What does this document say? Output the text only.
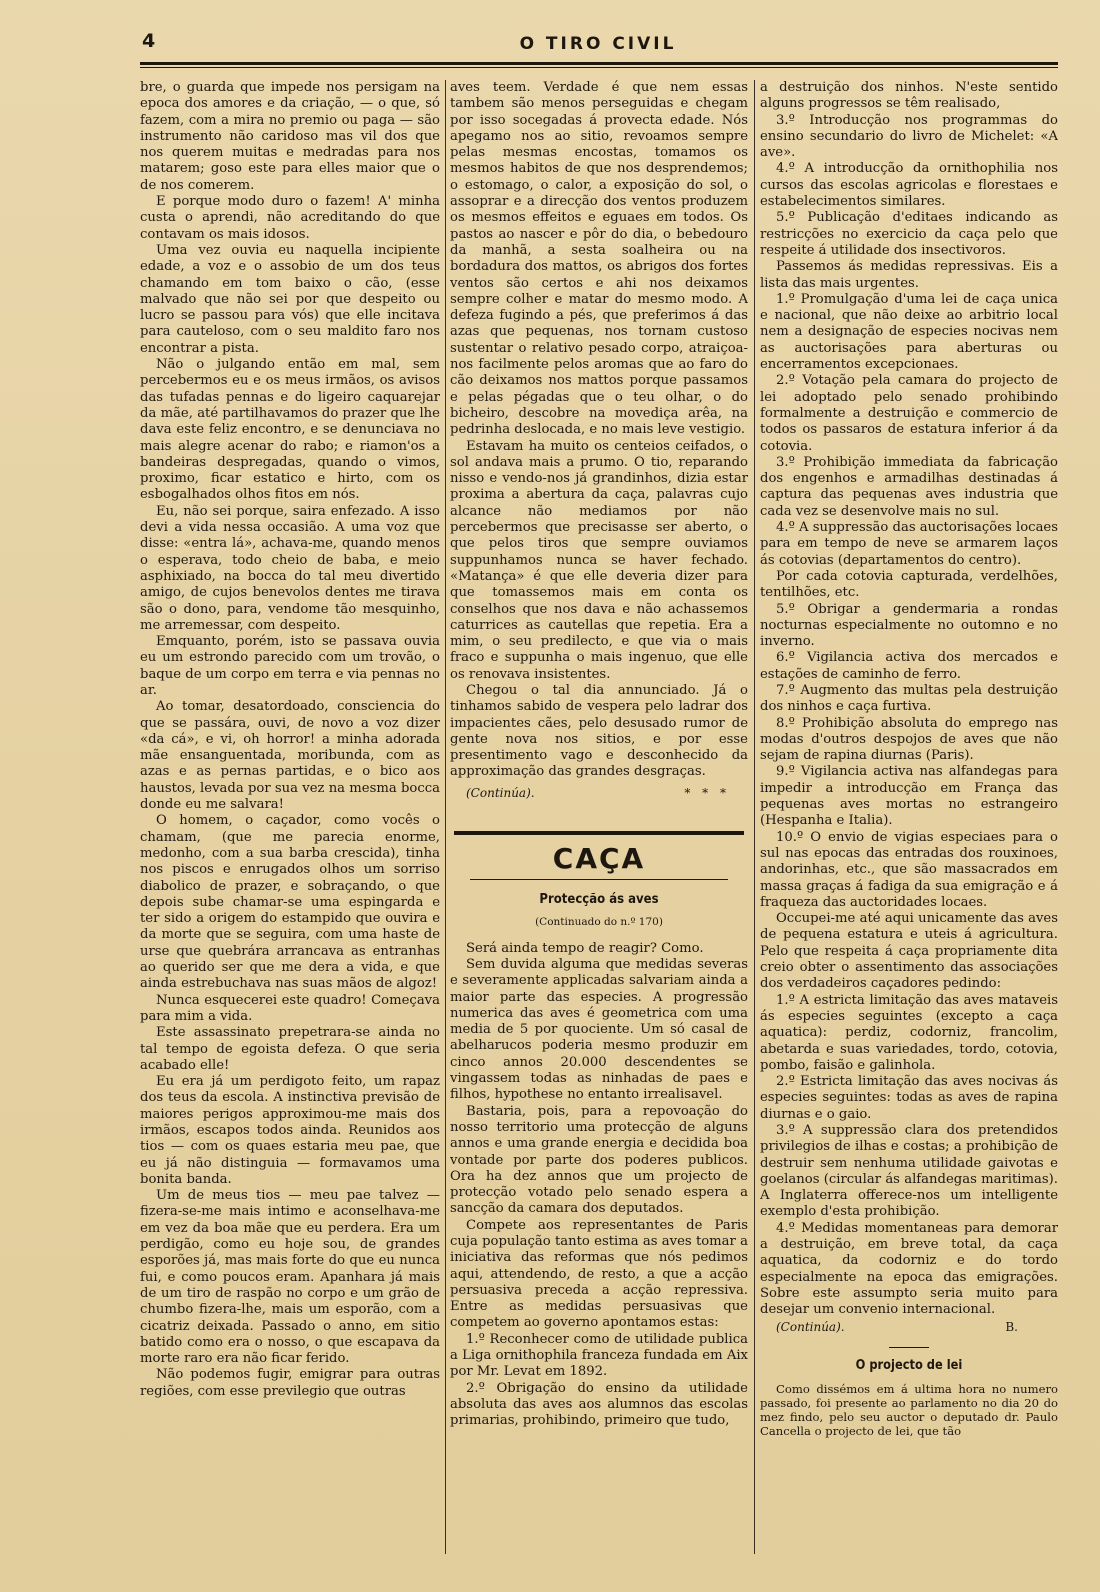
4	O TIRO CIVIL

bre, o guarda que impede nos persigam na epoca dos amores e da criação, — o que, só fazem, com a mira no premio ou paga — são instrumento não caridoso mas vil dos que nos querem muitas e medradas para nos matarem; goso este para elles maior que o de nos comerem.

E porque modo duro o fazem! A' minha custa o aprendi, não acreditando do que contavam os mais idosos.

Uma vez ouvia eu naquella incipiente edade, a voz e o assobio de um dos teus chamando em tom baixo o cão, (esse malvado que não sei por que despeito ou lucro se passou para vós) que elle incitava para cauteloso, com o seu maldito faro nos encontrar a pista.

Não o julgando então em mal, sem percebermos eu e os meus irmãos, os avisos das tufadas pennas e do ligeiro caquarejar da mãe, até partilhavamos do prazer que lhe dava este feliz encontro, e se denunciava no mais alegre acenar do rabo; e riamon'os a bandeiras despregadas, quando o vimos, proximo, ficar estatico e hirto, com os esbogalhados olhos fitos em nós.

Eu, não sei porque, saira enfezado. A isso devi a vida nessa occasião. A uma voz que disse: «entra lá», achava-me, quando menos o esperava, todo cheio de baba, e meio asphixiado, na bocca do tal meu divertido amigo, de cujos benevolos dentes me tirava são o dono, para, vendome tão mesquinho, me arremessar, com despeito.

Emquanto, porém, isto se passava ouvia eu um estrondo parecido com um trovão, o baque de um corpo em terra e via pennas no ar.

Ao tomar, desatordoado, consciencia do que se passára, ouvi, de novo a voz dizer «da cá», e vi, oh horror! a minha adorada mãe ensanguentada, moribunda, com as azas e as pernas partidas, e o bico aos haustos, levada por sua vez na mesma bocca donde eu me salvara!

O homem, o caçador, como vocês o chamam, (que me parecia enorme, medonho, com a sua barba crescida), tinha nos piscos e enrugados olhos um sorriso diabolico de prazer, e sobraçando, o que depois sube chamar-se uma espingarda e ter sido a origem do estampido que ouvira e da morte que se seguira, com uma haste de urse que quebrára arrancava as entranhas ao querido ser que me dera a vida, e que ainda estrebuchava nas suas mãos de algoz!

Nunca esquecerei este quadro! Começava para mim a vida.

Este assassinato prepetrara-se ainda no tal tempo de egoista defeza. O que seria acabado elle!

Eu era já um perdigoto feito, um rapaz dos teus da escola. A instinctiva previsão de maiores perigos approximou-me mais dos irmãos, escapos todos ainda. Reunidos aos tios — com os quaes estaria meu pae, que eu já não distinguia — formavamos uma bonita banda.

Um de meus tios — meu pae talvez — fizera-se-me mais intimo e aconselhava-me em vez da boa mãe que eu perdera. Era um perdigão, como eu hoje sou, de grandes esporões já, mas mais forte do que eu nunca fui, e como poucos eram. Apanhara já mais de um tiro de raspão no corpo e um grão de chumbo fizera-lhe, mais um esporão, com a cicatriz deixada. Passado o anno, em sitio batido como era o nosso, o que escapava da morte raro era não ficar ferido.

Não podemos fugir, emigrar para outras regiões, com esse previlegio que outras

aves teem. Verdade é que nem essas tambem são menos perseguidas e chegam por isso socegadas á provecta edade. Nós apegamo nos ao sitio, revoamos sempre pelas mesmas encostas, tomamos os mesmos habitos de que nos desprendemos; o estomago, o calor, a exposição do sol, o assoprar e a direcção dos ventos produzem os mesmos effeitos e eguaes em todos. Os pastos ao nascer e pôr do dia, o bebedouro da manhã, a sesta soalheira ou na bordadura dos mattos, os abrigos dos fortes ventos são certos e ahi nos deixamos sempre colher e matar do mesmo modo. A defeza fugindo a pés, que preferimos á das azas que pequenas, nos tornam custoso sustentar o relativo pesado corpo, atraiçoa-nos facilmente pelos aromas que ao faro do cão deixamos nos mattos porque passamos e pelas pégadas que o teu olhar, o do bicheiro, descobre na movediça arêa, na pedrinha deslocada, e no mais leve vestigio.

Estavam ha muito os centeios ceifados, o sol andava mais a prumo. O tio, reparando nisso e vendo-nos já grandinhos, dizia estar proxima a abertura da caça, palavras cujo alcance não mediamos por não percebermos que precisasse ser aberto, o que pelos tiros que sempre ouviamos suppunhamos nunca se haver fechado. «Matança» é que elle deveria dizer para que tomassemos mais em conta os conselhos que nos dava e não achassemos caturrices as cautellas que repetia. Era a mim, o seu predilecto, e que via o mais fraco e suppunha o mais ingenuo, que elle os renovava insistentes.

Chegou o tal dia annunciado. Já o tinhamos sabido de vespera pelo ladrar dos impacientes cães, pelo desusado rumor de gente nova nos sitios, e por esse presentimento vago e desconhecido da approximação das grandes desgraças.

(Continúa).	* * *
CAÇA
Protecção ás aves
(Continuado do n.º 170)

Será ainda tempo de reagir? Como.

Sem duvida alguma que medidas severas e severamente applicadas salvariam ainda a maior parte das especies. A progressão numerica das aves é geometrica com uma media de 5 por quociente. Um só casal de abelharucos poderia mesmo produzir em cinco annos 20.000 descendentes se vingassem todas as ninhadas de paes e filhos, hypothese no entanto irrealisavel.

Bastaria, pois, para a repovoação do nosso territorio uma protecção de alguns annos e uma grande energia e decidida boa vontade por parte dos poderes publicos. Ora ha dez annos que um projecto de protecção votado pelo senado espera a sancção da camara dos deputados.

Compete aos representantes de Paris cuja população tanto estima as aves tomar a iniciativa das reformas que nós pedimos aqui, attendendo, de resto, a que a acção persuasiva preceda a acção repressiva. Entre as medidas persuasivas que competem ao governo apontamos estas:

1.º Reconhecer como de utilidade publica a Liga ornithophila franceza fundada em Aix por Mr. Levat em 1892.

2.º Obrigação do ensino da utilidade absoluta das aves aos alumnos das escolas primarias, prohibindo, primeiro que tudo,

a destruição dos ninhos. N'este sentido alguns progressos se têm realisado,

3.º Introducção nos programmas do ensino secundario do livro de Michelet: «A ave».

4.º A introducção da ornithophilia nos cursos das escolas agricolas e florestaes e estabelecimentos similares.

5.º Publicação d'editaes indicando as restricções no exercicio da caça pelo que respeite á utilidade dos insectivoros.

Passemos ás medidas repressivas. Eis a lista das mais urgentes.

1.º Promulgação d'uma lei de caça unica e nacional, que não deixe ao arbitrio local nem a designação de especies nocivas nem as auctorisações para aberturas ou encerramentos excepcionaes.

2.º Votação pela camara do projecto de lei adoptado pelo senado prohibindo formalmente a destruição e commercio de todos os passaros de estatura inferior á da cotovia.

3.º Prohibição immediata da fabricação dos engenhos e armadilhas destinadas á captura das pequenas aves industria que cada vez se desenvolve mais no sul.

4.º A suppressão das auctorisações locaes para em tempo de neve se armarem laços ás cotovias (departamentos do centro).

Por cada cotovia capturada, verdelhões, tentilhões, etc.

5.º Obrigar a gendermaria a rondas nocturnas especialmente no outomno e no inverno.

6.º Vigilancia activa dos mercados e estações de caminho de ferro.

7.º Augmento das multas pela destruição dos ninhos e caça furtiva.

8.º Prohibição absoluta do emprego nas modas d'outros despojos de aves que não sejam de rapina diurnas (Paris).

9.º Vigilancia activa nas alfandegas para impedir a introducção em França das pequenas aves mortas no estrangeiro (Hespanha e Italia).

10.º O envio de vigias especiaes para o sul nas epocas das entradas dos rouxinoes, andorinhas, etc., que são massacrados em massa graças á fadiga da sua emigração e á fraqueza das auctoridades locaes.

Occupei-me até aqui unicamente das aves de pequena estatura e uteis á agricultura. Pelo que respeita á caça propriamente dita creio obter o assentimento das associações dos verdadeiros caçadores pedindo:

1.º A estricta limitação das aves mataveis ás especies seguintes (excepto a caça aquatica): perdiz, codorniz, francolim, abetarda e suas variedades, tordo, cotovia, pombo, faisão e galinhola.

2.º Estricta limitação das aves nocivas ás especies seguintes: todas as aves de rapina diurnas e o gaio.

3.º A suppressão clara dos pretendidos privilegios de ilhas e costas; a prohibição de destruir sem nenhuma utilidade gaivotas e goelanos (circular ás alfandegas maritimas). A Inglaterra offerece-nos um intelligente exemplo d'esta prohibição.

4.º Medidas momentaneas para demorar a destruição, em breve total, da caça aquatica, da codorniz e do tordo especialmente na epoca das emigrações. Sobre este assumpto seria muito para desejar um convenio internacional.

(Continúa).	B.
O projecto de lei

Como dissémos em á ultima hora no numero passado, foi presente ao parlamento no dia 20 do mez findo, pelo seu auctor o deputado dr. Paulo Cancella o projecto de lei, que tão
